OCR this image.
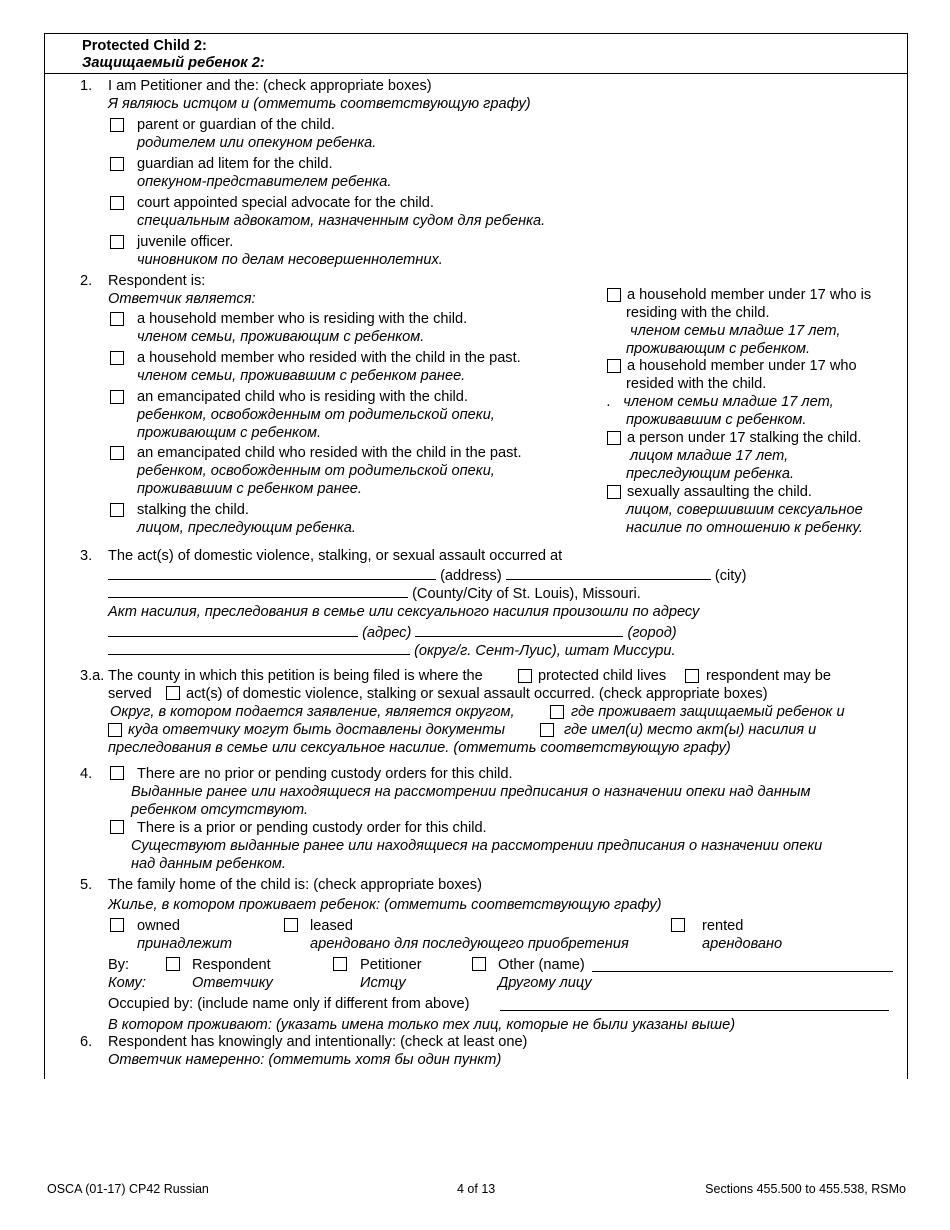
Protected Child 2:
Защищаемый ребенок 2:
1. I am Petitioner and the: (check appropriate boxes)
Я являюсь истцом и (отметить соответствующую графу)
parent or guardian of the child.
родителем или опекуном ребенка.
guardian ad litem for the child.
опекуном-представителем ребенка.
court appointed special advocate for the child.
специальным адвокатом, назначенным судом для ребенка.
juvenile officer.
чиновником по делам несовершеннолетних.
2. Respondent is:
Ответчик является:
a household member who is residing with the child.
членом семьи, проживающим с ребенком.
a household member who resided with the child in the past.
членом семьи, проживавшим с ребенком ранее.
an emancipated child who is residing with the child.
ребенком, освобожденным от родительской опеки,
проживающим с ребенком.
an emancipated child who resided with the child in the past.
ребенком, освобожденным от родительской опеки,
проживавшим с ребенком ранее.
stalking the child.
лицом, преследующим ребенка.
a household member under 17 who is
residing with the child.
членом семьи младше 17 лет,
проживающим с ребенком.
a household member under 17 who
resided with the child.
.   членом семьи младше 17 лет,
проживавшим с ребенком.
a person under 17 stalking the child.
лицом младше 17 лет,
преследующим ребенка.
sexually assaulting the child.
лицом, совершившим сексуальное
насилие по отношению к ребенку.
3. The act(s) of domestic violence, stalking, or sexual assault occurred at
(address)	(city)
(County/City of St. Louis), Missouri.
Акт насилия, преследования в семье или сексуального насилия произошли по адресу
(адрес)	(город)
(округ/г. Сент-Луис), штат Миссури.
3.a. The county in which this petition is being filed is where the	protected child lives	respondent may be
served act(s) of domestic violence, stalking or sexual assault occurred. (check appropriate boxes)
Округ, в котором подается заявление, является округом,	где проживает защищаемый ребенок и
куда ответчику могут быть доставлены документы	где имел(и) место акт(ы) насилия и
преследования в семье или сексуальное насилие. (отметить соответствующую графу)
4.	There are no prior or pending custody orders for this child.
Выданные ранее или находящиеся на рассмотрении предписания о назначении опеки над данным
ребенком отсутствуют.
There is a prior or pending custody order for this child.
Существуют выданные ранее или находящиеся на рассмотрении предписания о назначении опеки
над данным ребенком.
5. The family home of the child is: (check appropriate boxes)
Жилье, в котором проживает ребенок: (отметить соответствующую графу)
owned
принадлежит
leased
арендовано для последующего приобретения
rented
арендовано
By:
Кому:
Respondent
Ответчику
Petitioner
Истцу
Other (name)
Другому лицу
Occupied by: (include name only if different from above)
В котором проживают: (указать имена только тех лиц, которые не были указаны выше)
6. Respondent has knowingly and intentionally: (check at least one)
Ответчик намеренно: (отметить хотя бы один пункт)
OSCA (01-17) CP42 Russian	4 of 13	Sections 455.500 to 455.538, RSMo
